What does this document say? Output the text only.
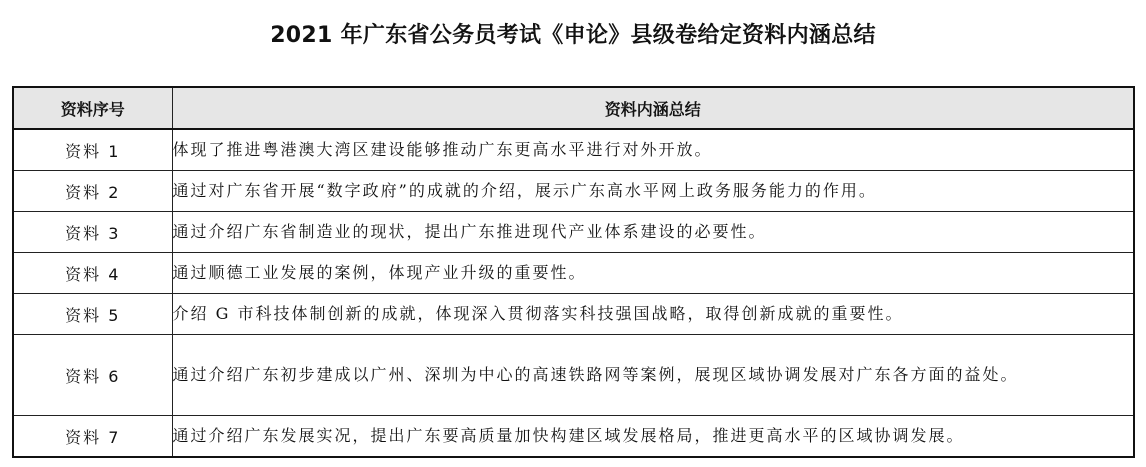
2021 年广东省公务员考试《申论》县级卷给定资料内涵总结
资料序号	资料内涵总结
资料 1	体现了推进粤港澳大湾区建设能够推动广东更高水平进行对外开放。
资料 2	通过对广东省开展“数字政府”的成就的介绍，展示广东高水平网上政务服务能力的作用。
资料 3	通过介绍广东省制造业的现状，提出广东推进现代产业体系建设的必要性。
资料 4	通过顺德工业发展的案例，体现产业升级的重要性。
资料 5	介绍 G 市科技体制创新的成就，体现深入贯彻落实科技强国战略，取得创新成就的重要性。
资料 6	通过介绍广东初步建成以广州、深圳为中心的高速铁路网等案例，展现区域协调发展对广东各方面的益处。
资料 7	通过介绍广东发展实况，提出广东要高质量加快构建区域发展格局，推进更高水平的区域协调发展。
